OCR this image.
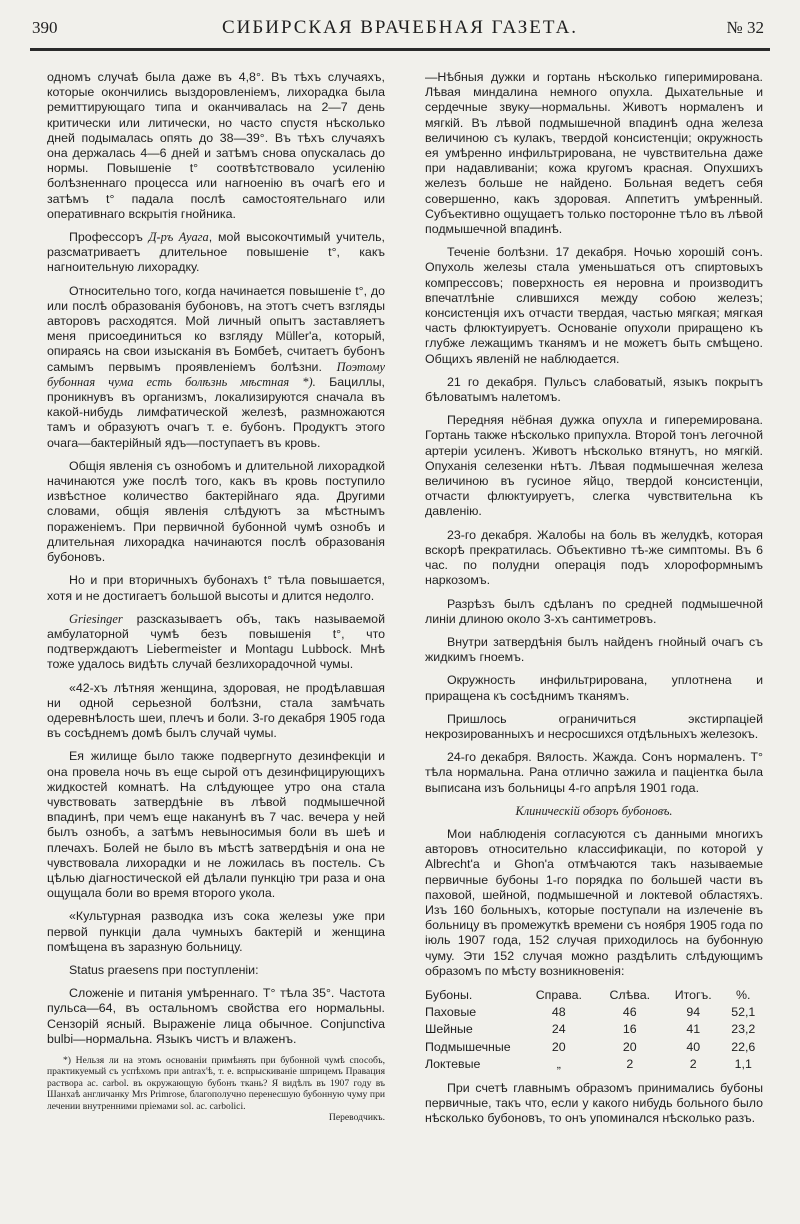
390	СИБИРСКАЯ ВРАЧЕБНАЯ ГАЗЕТА.	№ 32

одномъ случаѣ была даже въ 4,8°. Въ тѣхъ случаяхъ, которые окончились выздоровленіемъ, лихорадка была ремиттирующаго типа и оканчивалась на 2—7 день критически или литически, но часто спустя нѣсколько дней подымалась опять до 38—39°. Въ тѣхъ случаяхъ она держалась 4—6 дней и затѣмъ снова опускалась до нормы. Повышеніе t° соотвѣтствовало усиленію болѣзненнаго процесса или нагноенію въ очагѣ его и затѣмъ t° падала послѣ самостоятельнаго или оперативнаго вскрытія гнойника.

Профессоръ Д-ръ Ауага, мой высокочтимый учитель, разсматриваетъ длительное повышеніе t°, какъ нагноительную лихорадку.

Относительно того, когда начинается повышеніе t°, до или послѣ образованія бубоновъ, на этотъ счетъ взгляды авторовъ расходятся. Мой личный опытъ заставляетъ меня присоединиться ко взгляду Müller'а, который, опираясь на свои изысканія въ Бомбеѣ, считаетъ бубонъ самымъ первымъ проявленіемъ болѣзни. Поэтому бубонная чума есть болѣзнь мѣстная *). Бациллы, проникнувъ въ организмъ, локализируются сначала въ какой-нибудь лимфатической железѣ, размножаются тамъ и образуютъ очагъ т. е. бубонъ. Продуктъ этого очага—бактерійный ядъ—поступаетъ въ кровь.

Общія явленія съ ознобомъ и длительной лихорадкой начинаются уже послѣ того, какъ въ кровь поступило извѣстное количество бактерійнаго яда. Другими словами, общія явленія слѣдуютъ за мѣстнымъ пораженіемъ. При первичной бубонной чумѣ ознобъ и длительная лихорадка начинаются послѣ образованія бубоновъ.

Но и при вторичныхъ бубонахъ t° тѣла повышается, хотя и не достигаетъ большой высоты и длится недолго.

Griesinger разсказываетъ объ, такъ называемой амбулаторной чумѣ безъ повышенія t°, что подтверждаютъ Liebermeister и Montagu Lubbock. Мнѣ тоже удалось видѣть случай безлихорадочной чумы.

«42-хъ лѣтняя женщина, здоровая, не продѣлавшая ни одной серьезной болѣзни, стала замѣчать одеревнѣлость шеи, плечъ и боли. 3-го декабря 1905 года въ сосѣднемъ домѣ былъ случай чумы.

Ея жилище было также подвергнуто дезинфекціи и она провела ночь въ еще сырой отъ дезинфицирующихъ жидкостей комнатѣ. На слѣдующее утро она стала чувствовать затвердѣніе въ лѣвой подмышечной впадинѣ, при чемъ еще наканунѣ въ 7 час. вечера у ней былъ ознобъ, а затѣмъ невыносимыя боли въ шеѣ и плечахъ. Болей не было въ мѣстѣ затвердѣнія и она не чувствовала лихорадки и не ложилась въ постель. Съ цѣлью діагностической ей дѣлали пункцію три раза и она ощущала боли во время второго укола.

«Культурная разводка изъ сока железы уже при первой пункціи дала чумныхъ бактерій и женщина помѣщена въ заразную больницу.

Status praesens при поступленіи:

Сложеніе и питанія умѣреннаго. T° тѣла 35°. Частота пульса—64, въ остальномъ свойства его нормальны. Сензорій ясный. Выраженіе лица обычное. Conjunctiva bulbi—нормальна. Языкъ чистъ и влаженъ.

*) Нельзя ли на этомъ основаніи примѣнять при бубонной чумѣ способъ, практикуемый съ успѣхомъ при antrax'ѣ, т. е. вспрыскиваніе шприцемъ Правация растворa ac. carbol. въ окружающую бубонъ ткань? Я видѣлъ въ 1907 году въ Шанхаѣ англичанку Mrs Primrose, благополучно перенесшую бубонную чуму при лечении внутренними пріемами sol. ac. carbolici.

Переводчикъ.

—Нѣбныя дужки и гортань нѣсколько гиперимирована. Лѣвая миндалина немного опухла. Дыхательные и сердечные звуку—нормальны. Животъ нормаленъ и мягкій. Въ лѣвой подмышечной впадинѣ одна железа величиною съ кулакъ, твердой консистенціи; окружность ея умѣренно инфильтрирована, не чувствительна даже при надавливаніи; кожа кругомъ красная. Опухшихъ железъ больше не найдено. Больная ведетъ себя совершенно, какъ здоровая. Аппетитъ умѣренный. Субъективно ощущаетъ только посторонне тѣло въ лѣвой подмышечной впадинѣ.

Теченіе болѣзни. 17 декабря. Ночью хорошій сонъ. Опухоль железы стала уменьшаться отъ спиртовыхъ компрессовъ; поверхность ея неровна и производитъ впечатлѣніе слившихся между собою железъ; консистенція ихъ отчасти твердая, частью мягкая; мягкая часть флюктуируетъ. Основаніе опухоли приращено къ глубже лежащимъ тканямъ и не можетъ быть смѣщено. Общихъ явленій не наблюдается.

21 го декабря. Пульсъ слабоватый, языкъ покрытъ бѣловатымъ налетомъ.

Передняя нёбная дужка опухла и гиперемирована. Гортань также нѣсколько припухла. Второй тонъ легочной артеріи усиленъ. Животъ нѣсколько втянутъ, но мягкій. Опуханія селезенки нѣтъ. Лѣвая подмышечная железа величиною въ гусиное яйцо, твердой консистенціи, отчасти флюктуируетъ, слегка чувствительна къ давленію.

23-го декабря. Жалобы на боль въ желудкѣ, которая вскорѣ прекратилась. Объективно тѣ-же симптомы. Въ 6 час. по полудни операція подъ хлороформнымъ наркозомъ.

Разрѣзъ былъ сдѣланъ по средней подмышечной линіи длиною около 3-хъ сантиметровъ.

Внутри затвердѣнія былъ найденъ гнойный очагъ съ жидкимъ гноемъ.

Окружность инфильтрирована, уплотнена и приращена къ сосѣднимъ тканямъ.

Пришлось ограничиться экстирпаціей некрозированныхъ и несросшихся отдѣльныхъ железокъ.

24-го декабря. Вялость. Жажда. Сонъ нормаленъ. T° тѣла нормальна. Рана отлично зажила и паціентка была выписана изъ больницы 4-го апрѣля 1901 года.

Клиническій обзоръ бубоновъ.

Мои наблюденія согласуются съ данными многихъ авторовъ относительно классификаціи, по которой у Albrecht'а и Ghon'а отмѣчаются такъ называемые первичные бубоны 1-го порядка по большей части въ паховой, шейной, подмышечной и локтевой областяхъ. Изъ 160 больныхъ, которые поступали на излеченіе въ больницу въ промежуткѣ времени съ ноября 1905 года по іюль 1907 года, 152 случая приходилось на бубонную чуму. Эти 152 случая можно раздѣлить слѣдующимъ образомъ по мѣсту возникновенія:

Бубоны.	Справа.	Слѣва.	Итогъ.	%.
Паховые	48	46	94	52,1
Шейные	24	16	41	23,2
Подмышечные	20	20	40	22,6
Локтевые	„	2	2	1,1

При счетѣ главнымъ образомъ принимались бубоны первичные, такъ что, если у какого нибудь больного было нѣсколько бубоновъ, то онъ упоминался нѣсколько разъ.
